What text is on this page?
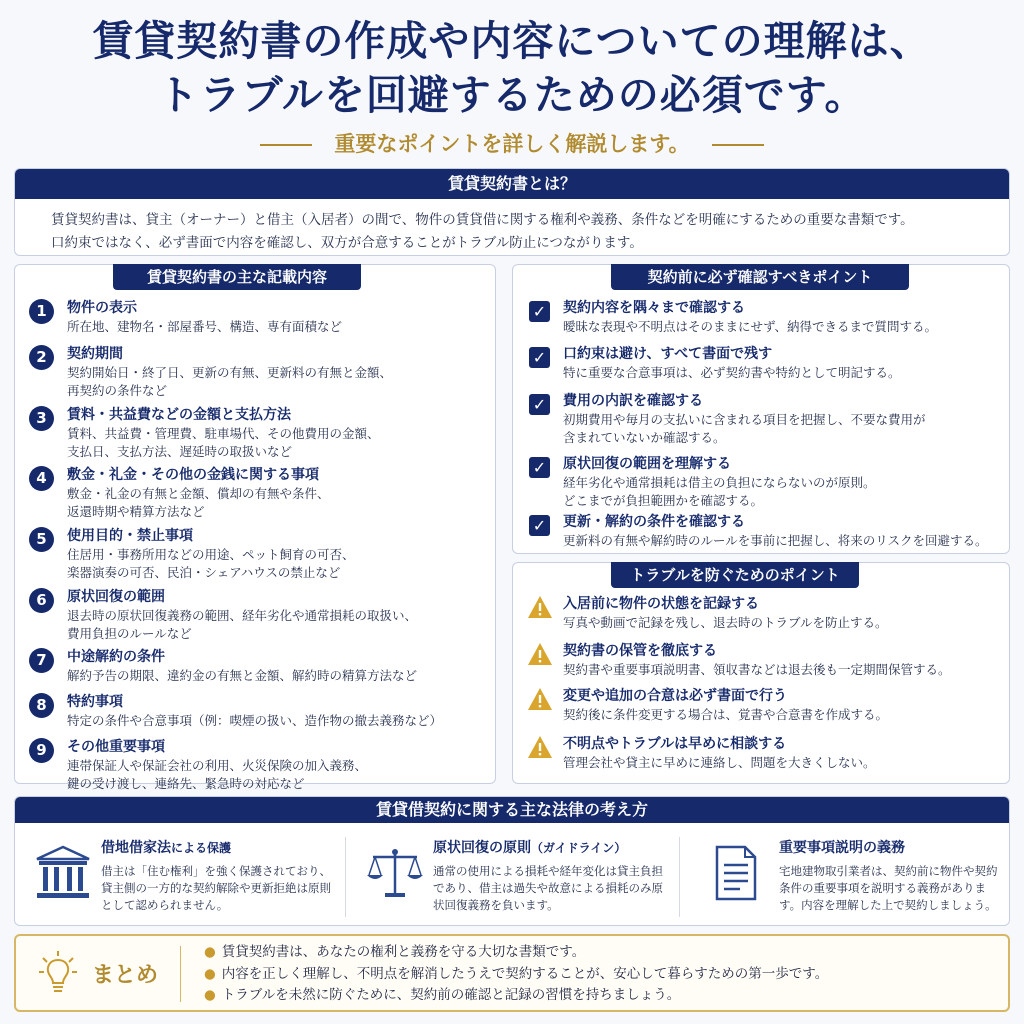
賃貸契約書の作成や内容についての理解は、
トラブルを回避するための必須です。
重要なポイントを詳しく解説します。
賃貸契約書とは？
賃貸契約書は、貸主（オーナー）と借主（入居者）の間で、物件の賃貸借に関する権利や義務、条件などを明確にするための重要な書類です。
口約束ではなく、必ず書面で内容を確認し、双方が合意することがトラブル防止につながります。
賃貸契約書の主な記載内容
1	物件の表示
所在地、建物名・部屋番号、構造、専有面積など
2	契約期間
契約開始日・終了日、更新の有無、更新料の有無と金額、
再契約の条件など
3	賃料・共益費などの金額と支払方法
賃料、共益費・管理費、駐車場代、その他費用の金額、
支払日、支払方法、遅延時の取扱いなど
4	敷金・礼金・その他の金銭に関する事項
敷金・礼金の有無と金額、償却の有無や条件、
返還時期や精算方法など
5	使用目的・禁止事項
住居用・事務所用などの用途、ペット飼育の可否、
楽器演奏の可否、民泊・シェアハウスの禁止など
6	原状回復の範囲
退去時の原状回復義務の範囲、経年劣化や通常損耗の取扱い、
費用負担のルールなど
7	中途解約の条件
解約予告の期限、違約金の有無と金額、解約時の精算方法など
8	特約事項
特定の条件や合意事項（例：喫煙の扱い、造作物の撤去義務など）
9	その他重要事項
連帯保証人や保証会社の利用、火災保険の加入義務、
鍵の受け渡し、連絡先、緊急時の対応など
契約前に必ず確認すべきポイント
✓ 契約内容を隅々まで確認する
曖昧な表現や不明点はそのままにせず、納得できるまで質問する。
✓ 口約束は避け、すべて書面で残す
特に重要な合意事項は、必ず契約書や特約として明記する。
✓ 費用の内訳を確認する
初期費用や毎月の支払いに含まれる項目を把握し、不要な費用が
含まれていないか確認する。
✓ 原状回復の範囲を理解する
経年劣化や通常損耗は借主の負担にならないのが原則。
どこまでが負担範囲かを確認する。
✓ 更新・解約の条件を確認する
更新料の有無や解約時のルールを事前に把握し、将来のリスクを回避する。
トラブルを防ぐためのポイント
入居前に物件の状態を記録する
写真や動画で記録を残し、退去時のトラブルを防止する。
契約書の保管を徹底する
契約書や重要事項説明書、領収書などは退去後も一定期間保管する。
変更や追加の合意は必ず書面で行う
契約後に条件変更する場合は、覚書や合意書を作成する。
不明点やトラブルは早めに相談する
管理会社や貸主に早めに連絡し、問題を大きくしない。
賃貸借契約に関する主な法律の考え方
借地借家法による保護
借主は「住む権利」を強く保護されており、貸主側の一方的な契約解除や更新拒絶は原則として認められません。
原状回復の原則（ガイドライン）
通常の使用による損耗や経年変化は貸主負担であり、借主は過失や故意による損耗のみ原状回復義務を負います。
重要事項説明の義務
宅地建物取引業者は、契約前に物件や契約条件の重要事項を説明する義務があります。内容を理解した上で契約しましょう。
まとめ
● 賃貸契約書は、あなたの権利と義務を守る大切な書類です。
● 内容を正しく理解し、不明点を解消したうえで契約することが、安心して暮らすための第一歩です。
● トラブルを未然に防ぐために、契約前の確認と記録の習慣を持ちましょう。
